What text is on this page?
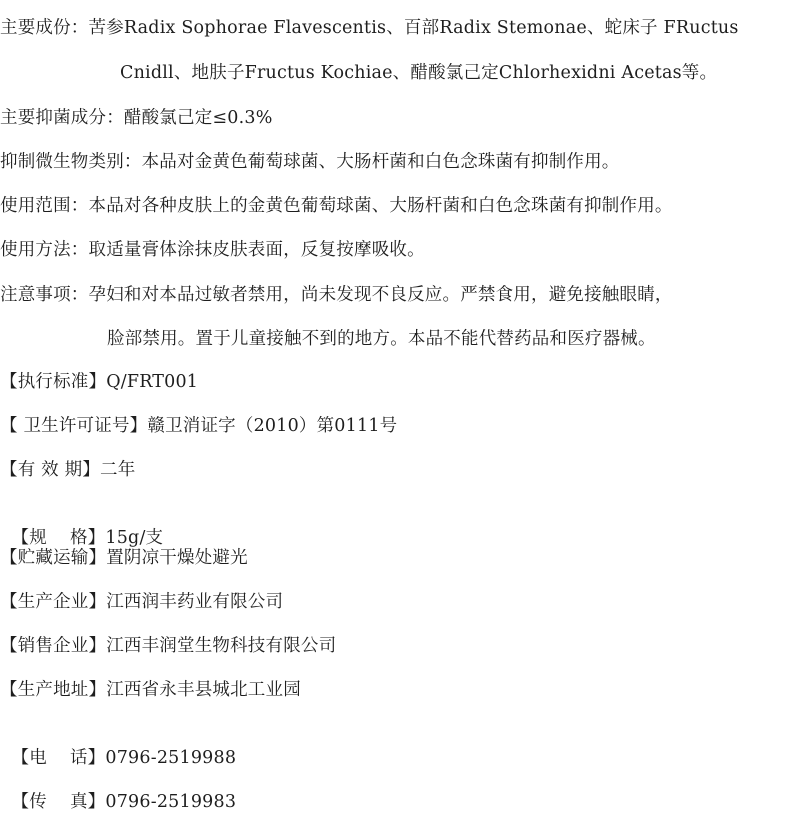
主要成份：苦参Radix Sophorae Flavescentis、百部Radix Stemonae、蛇床子 FRuctus
Cnidll、地肤子Fructus Kochiae、醋酸氯己定Chlorhexidni Acetas等。
主要抑菌成分：醋酸氯己定≤0.3%
抑制微生物类别：本品对金黄色葡萄球菌、大肠杆菌和白色念珠菌有抑制作用。
使用范围：本品对各种皮肤上的金黄色葡萄球菌、大肠杆菌和白色念珠菌有抑制作用。
使用方法：取适量膏体涂抹皮肤表面，反复按摩吸收。
注意事项：孕妇和对本品过敏者禁用，尚未发现不良反应。严禁食用，避免接触眼睛，
脸部禁用。置于儿童接触不到的地方。本品不能代替药品和医疗器械。
【执行标准】Q/FRT001
【 卫生许可证号】赣卫消证字（2010）第0111号
【有 效 期】二年

【规    格】15g/支

【贮藏运输】置阴凉干燥处避光
【生产企业】江西润丰药业有限公司
【销售企业】江西丰润堂生物科技有限公司
【生产地址】江西省永丰县城北工业园

【电    话】0796-2519988

【传    真】0796-2519983
